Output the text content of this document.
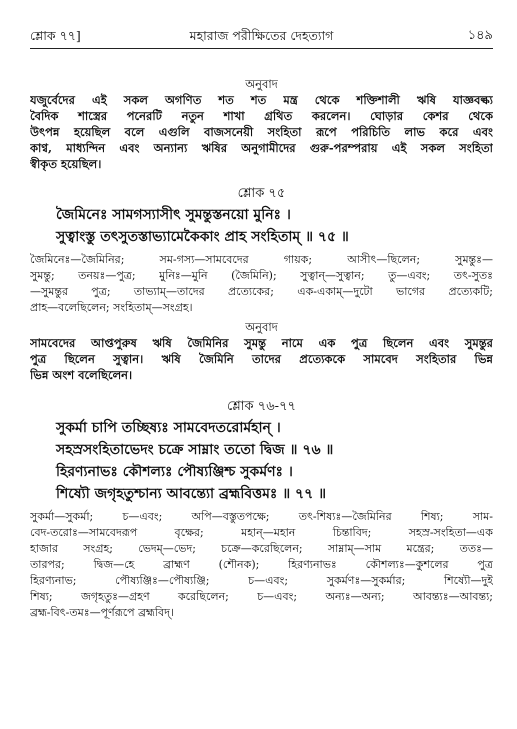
শ্লোক ৭৭]	মহারাজ পরীক্ষিতের দেহত্যাগ	১৪৯
অনুবাদ
যজুর্বেদের এই সকল অগণিত শত শত মন্ত্র থেকে শক্তিশালী ঋষি যাজ্ঞবল্ক্য
বৈদিক শাস্ত্রের পনেরটি নতুন শাখা গ্রথিত করলেন। ঘোড়ার কেশর থেকে
উৎপন্ন হয়েছিল বলে এগুলি বাজসনেয়ী সংহিতা রূপে পরিচিতি লাভ করে এবং
কাণ্ব, মাধ্যন্দিন এবং অন্যান্য ঋষির অনুগামীদের গুরু-পরম্পরায় এই সকল সংহিতা
স্বীকৃত হয়েছিল।
শ্লোক ৭৫
জৈমিনেঃ সামগস্যাসীৎ সুমন্তুস্তনয়ো মুনিঃ ।
সুত্বাংস্তু তৎসুতস্তাভ্যামেকৈকাং প্রাহ সংহিতাম্ ॥ ৭৫ ॥
জৈমিনেঃ—জৈমিনির; সম-গস্য—সামবেদের গায়ক; আসীৎ—ছিলেন; সুমন্তুঃ—
সুমন্তু; তনয়ঃ—পুত্র; মুনিঃ—মুনি (জৈমিনি); সুত্বান্—সুত্বান; তু—এবং; তৎ-সুতঃ
—সুমন্তুর পুত্র; তাভ্যাম্—তাদের প্রত্যেকের; এক-একাম্—দুটো ভাগের প্রত্যেকটি;
প্রাহ—বলেছিলেন; সংহিতাম্—সংগ্রহ।
অনুবাদ
সামবেদের আপ্তপুরুষ ঋষি জৈমিনির সুমন্তু নামে এক পুত্র ছিলেন এবং সুমন্তুর
পুত্র ছিলেন সুত্বান। ঋষি জৈমিনি তাদের প্রত্যেককে সামবেদ সংহিতার ভিন্ন
ভিন্ন অংশ বলেছিলেন।
শ্লোক ৭৬-৭৭
সুকর্মা চাপি তচ্ছিষ্যঃ সামবেদতরোর্মহান্ ।
সহস্রসংহিতাভেদং চক্রে সাম্নাং ততো দ্বিজ ॥ ৭৬ ॥
হিরণ্যনাভঃ কৌশল্যঃ পৌষ্যঞ্জিশ্চ সুকর্মণঃ ।
শিষ্যৌ জগৃহতুশ্চান্য আবন্ত্যো ব্রহ্মবিত্তমঃ ॥ ৭৭ ॥
সুকর্মা—সুকর্মা; চ—এবং; অপি—বস্তুতপক্ষে; তৎ-শিষ্যঃ—জৈমিনির শিষ্য; সাম-
বেদ-তরোঃ—সামবেদরূপ বৃক্ষের; মহান্—মহান চিন্তাবিদ; সহস্র-সংহিতা—এক
হাজার সংগ্রহ; ভেদম্—ভেদ; চক্রে—করেছিলেন; সাম্নাম্—সাম মন্ত্রের; ততঃ—
তারপর; দ্বিজ—হে ব্রাহ্মণ (শৌনক); হিরণ্যনাভঃ কৌশল্যঃ—কুশলের পুত্র
হিরণ্যনাভ; পৌষ্যঞ্জিঃ—পৌষ্যঞ্জি; চ—এবং; সুকর্মণঃ—সুকর্মার; শিষ্যৌ—দুই
শিষ্য; জগৃহতুঃ—গ্রহণ করেছিলেন; চ—এবং; অন্যঃ—অন্য; আবন্ত্যঃ—আবন্ত্য;
ব্রহ্ম-বিৎ-তমঃ—পূর্ণরূপে ব্রহ্মবিদ্।
